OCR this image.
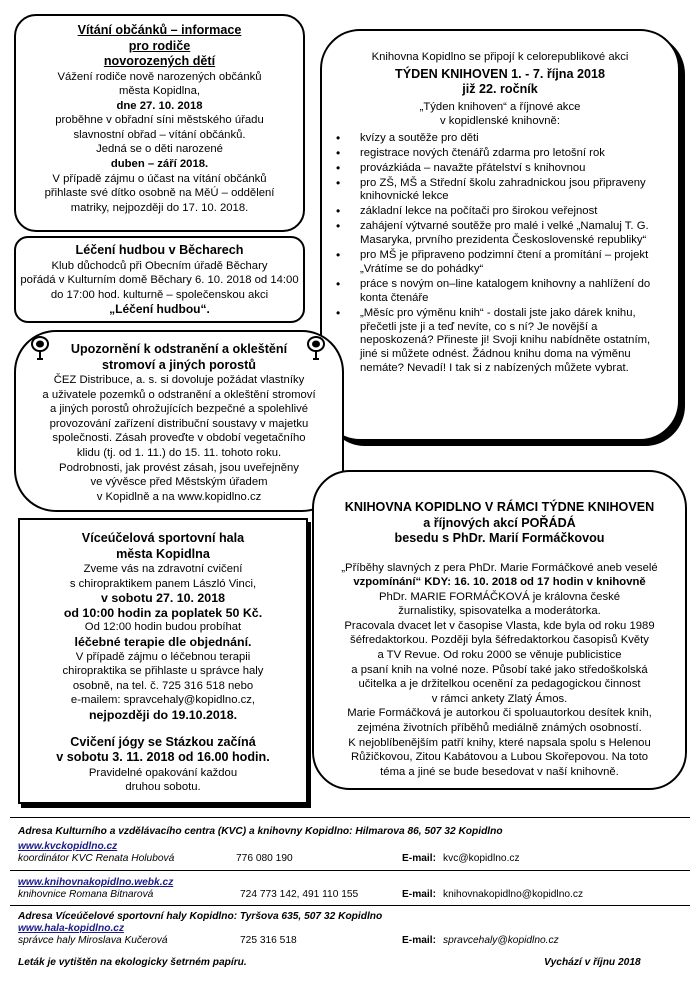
Vítání občánků – informace
pro rodiče
novorozených dětí

Vážení rodiče nově narozených občánků

města Kopidlna,

dne 27. 10. 2018

proběhne v obřadní síni městského úřadu

slavnostní obřad – vítání občánků.

Jedná se o děti narozené

duben – září 2018.

V případě zájmu o účast na vítání občánků

přihlaste své dítko osobně na MěÚ – oddělení

matriky, nejpozději do 17. 10. 2018.

Knihovna Kopidlno se připojí k celorepublikové akci
TÝDEN KNIHOVEN 1. - 7. října 2018
již 22. ročník

„Týden knihoven“ a říjnové akce

v kopidlenské knihovně:

• kvízy a soutěže pro děti
• registrace nových čtenářů zdarma pro letošní rok
• provázkiáda – navažte přátelství s knihovnou
• pro ZŠ, MŠ a Střední školu zahradnickou jsou připraveny knihovnické lekce
• základní lekce na počítači pro širokou veřejnost
• zahájení výtvarné soutěže pro malé i velké „Namaluj T. G. Masaryka, prvního prezidenta Československé republiky“
• pro MŠ je připraveno podzimní čtení a promítání – projekt „Vrátíme se do pohádky“
• práce s novým on–line katalogem knihovny a nahlížení do konta čtenáře
• „Měsíc pro výměnu knih“ - dostali jste jako dárek knihu, přečetli jste ji a teď nevíte, co s ní? Je novější a neposkozená? Přineste ji! Svoji knihu nabídněte ostatním, jiné si můžete odnést. Žádnou knihu doma na výměnu nemáte? Nevadí! I tak si z nabízených můžete vybrat.
Léčení hudbou v Běcharech

Klub důchodců při Obecním úřadě Běchary

pořádá v Kulturním domě Běchary 6. 10. 2018 od 14:00

do 17:00 hod. kulturně – společenskou akci

„Léčení hudbou“.

Upozornění k odstranění a okleštění
stromoví a jiných porostů

ČEZ Distribuce, a. s. si dovoluje požádat vlastníky

a uživatele pozemků o odstranění a okleštění stromoví

a jiných porostů ohrožujících bezpečné a spolehlivé

provozování zařízení distribuční soustavy v majetku

společnosti. Zásah proveďte v období vegetačního

klidu (tj. od 1. 11.) do 15. 11. tohoto roku.

Podrobnosti, jak provést zásah, jsou uveřejněny

ve vývěsce před Městským úřadem

v Kopidlně a na www.kopidlno.cz

Víceúčelová sportovní hala
města Kopidlna

Zveme vás na zdravotní cvičení

s chiropraktikem panem László Vinci,

v sobotu 27. 10. 2018

od 10:00 hodin za poplatek 50 Kč.

Od 12:00 hodin budou probíhat

léčebné terapie dle objednání.

V případě zájmu o léčebnou terapii

chiropraktika se přihlaste u správce haly

osobně, na tel. č. 725 316 518 nebo

e-mailem: spravcehaly@kopidlno.cz,

nejpozději do 19.10.2018.

Cvičení jógy se Stázkou začíná

v sobotu 3. 11. 2018 od 16.00 hodin.

Pravidelné opakování každou

druhou sobotu.

KNIHOVNA KOPIDLNO V RÁMCI TÝDNE KNIHOVEN
a říjnových akcí POŘÁDÁ
besedu s PhDr. Marií Formáčkovou

„Příběhy slavných z pera PhDr. Marie Formáčkové aneb veselé

vzpomínání“ KDY: 16. 10. 2018 od 17 hodin v knihovně

PhDr. MARIE FORMÁČKOVÁ je královna české

žurnalistiky, spisovatelka a moderátorka.

Pracovala dvacet let v časopise Vlasta, kde byla od roku 1989

šéfredaktorkou. Později byla šéfredaktorkou časopisů Květy

a TV Revue. Od roku 2000 se věnuje publicistice

a psaní knih na volné noze. Působí také jako středoškolská

učitelka a je držitelkou ocenění za pedagogickou činnost

v rámci ankety Zlatý Ámos.

Marie Formáčková je autorkou či spoluautorkou desítek knih,

zejména životních příběhů mediálně známých osobností.

K nejoblíbenějším patří knihy, které napsala spolu s Helenou

Růžičkovou, Zitou Kabátovou a Lubou Skořepovou. Na toto

téma a jiné se bude besedovat v naší knihovně.

Adresa Kulturního a vzdělávacího centra (KVC) a knihovny Kopidlno: Hilmarova 86, 507 32 Kopidlno
www.kvckopidlno.cz
koordinátor KVC Renata Holubová	776 080 190	E-mail: kvc@kopidlno.cz
www.knihovnakopidlno.webk.cz
knihovnice Romana Bitnarová	724 773 142, 491 110 155	E-mail: knihovnakopidlno@kopidlno.cz
Adresa Víceúčelové sportovní haly Kopidlno: Tyršova 635, 507 32 Kopidlno
www.hala-kopidlno.cz
správce haly Miroslava Kučerová	725 316 518	E-mail: spravcehaly@kopidlno.cz
Leták je vytištěn na ekologicky šetrném papíru.	Vychází v říjnu 2018
